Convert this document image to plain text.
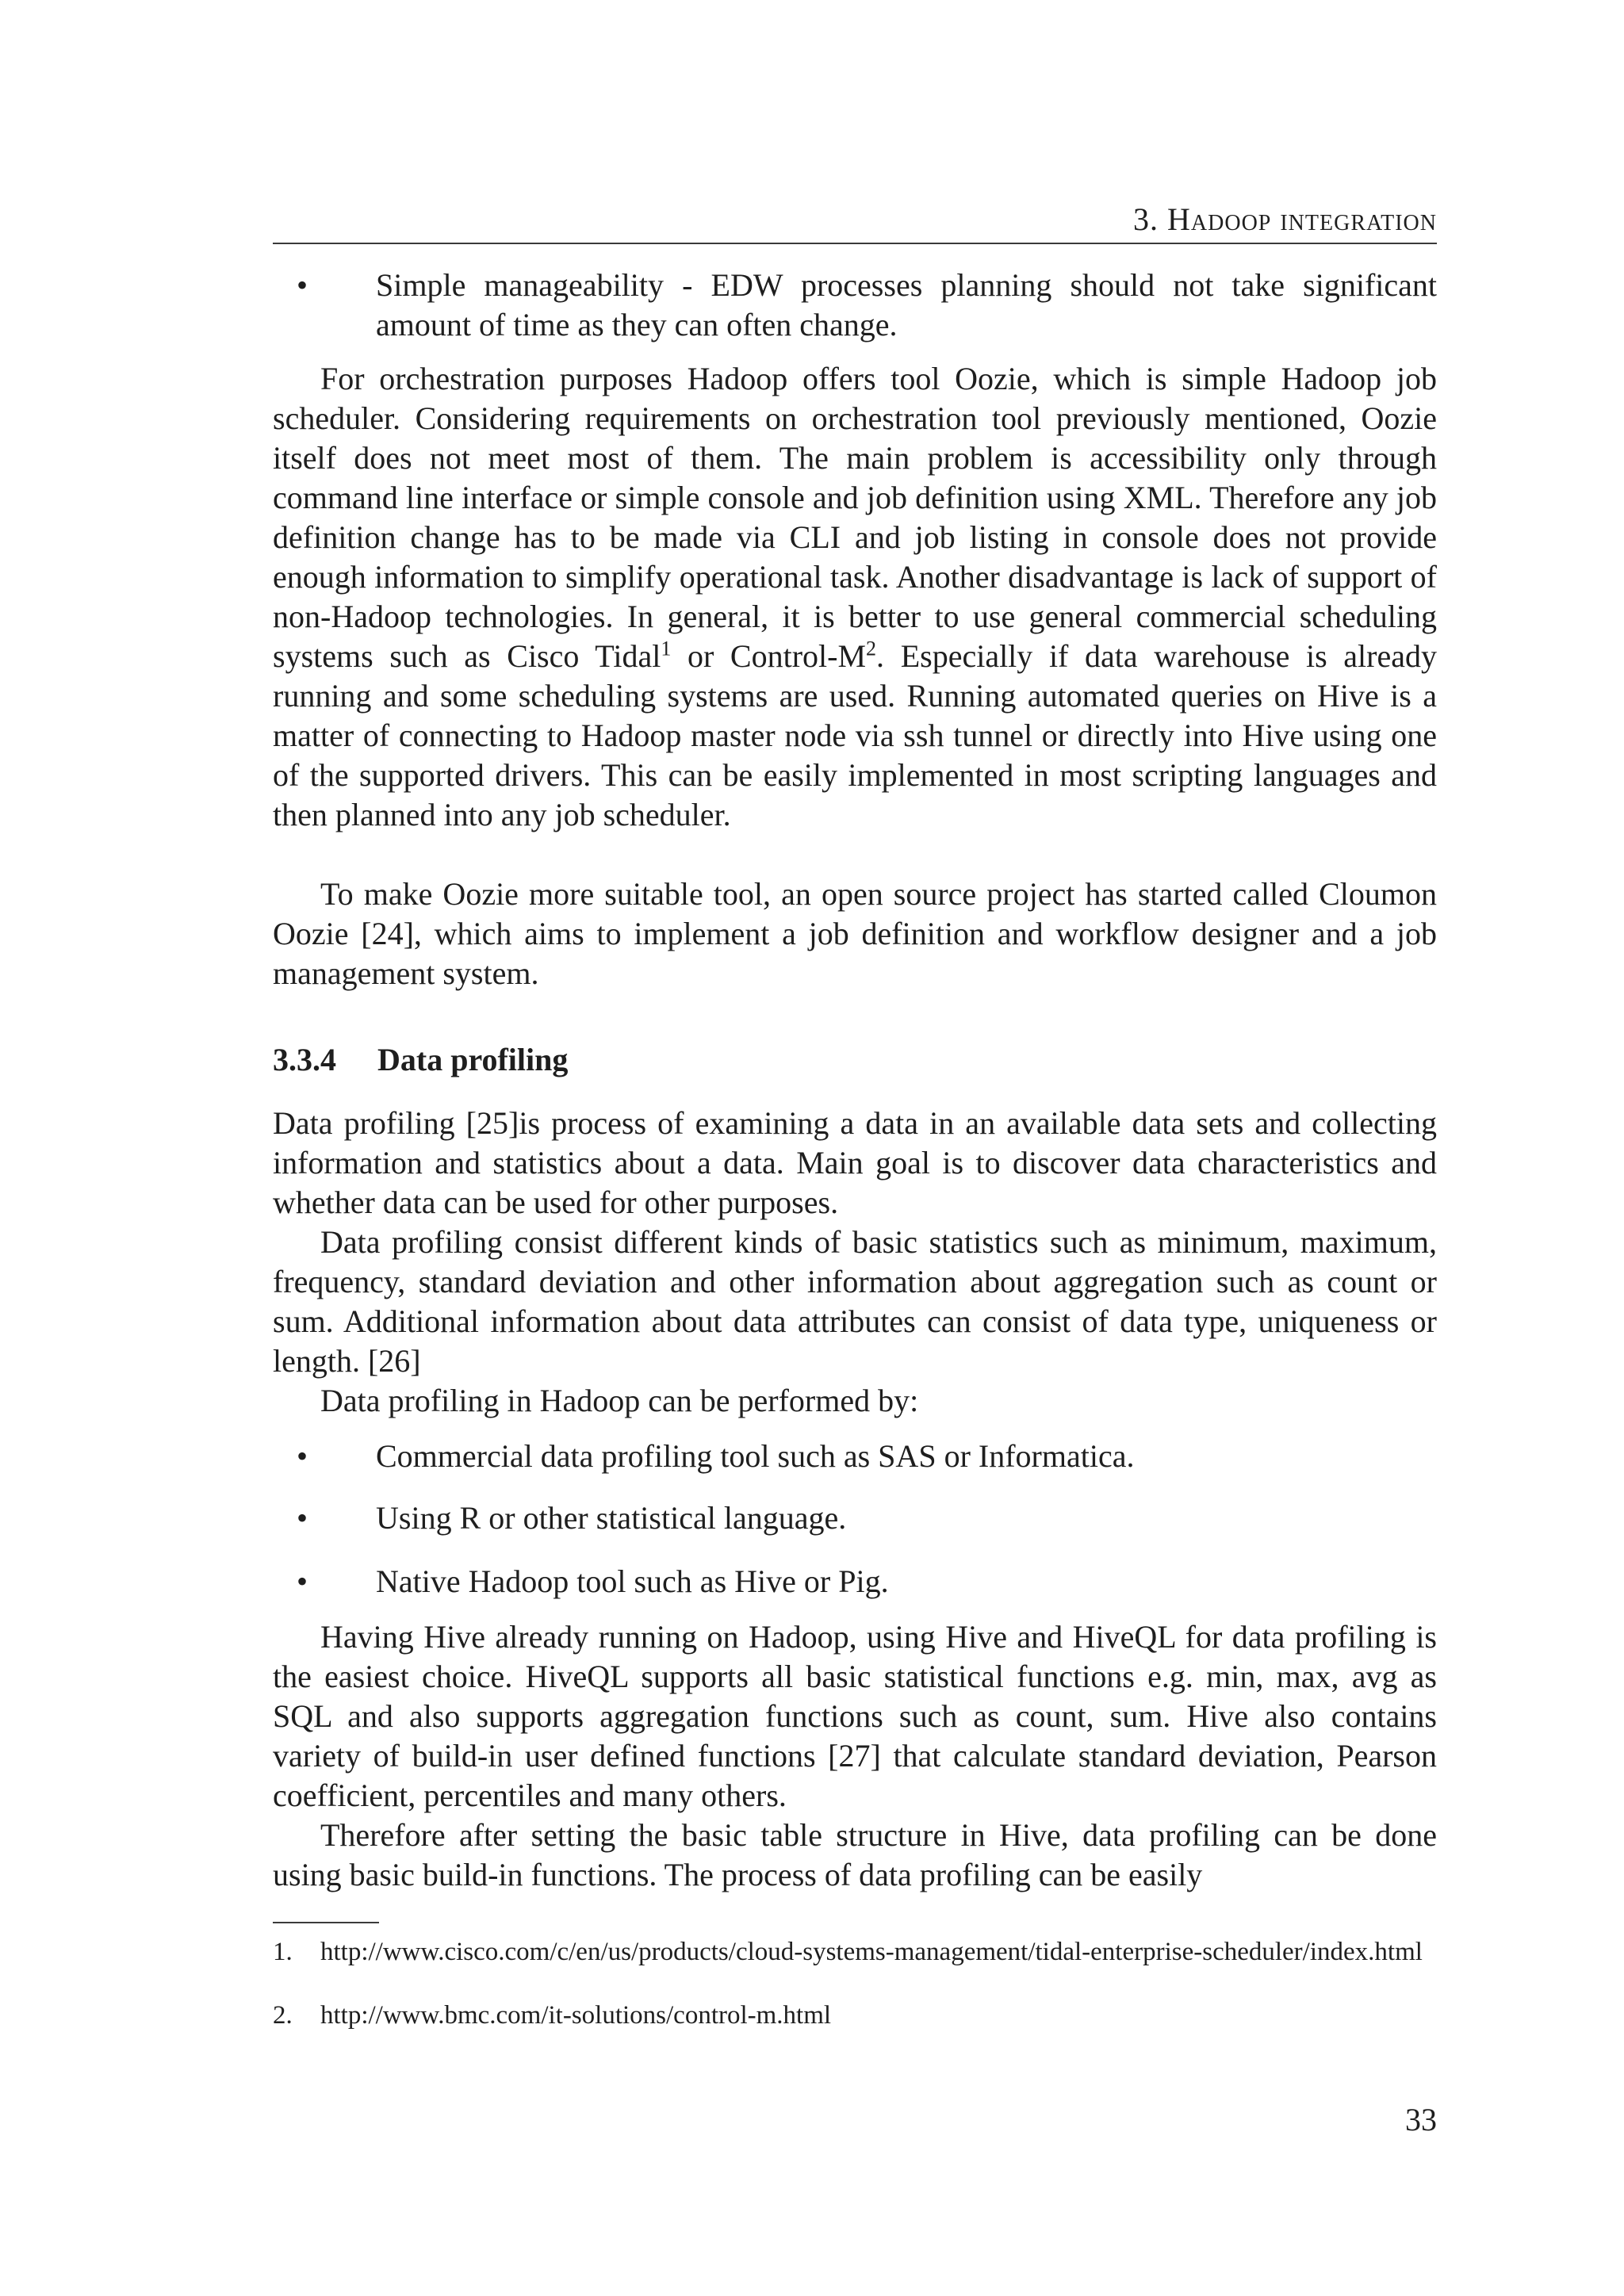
3. Hadoop integration
• Simple manageability - EDW processes planning should not take significant amount of time as they can often change.
For orchestration purposes Hadoop offers tool Oozie, which is simple Hadoop job scheduler. Considering requirements on orchestration tool previously mentioned, Oozie itself does not meet most of them. The main problem is accessibility only through command line interface or simple console and job definition using XML. Therefore any job definition change has to be made via CLI and job listing in console does not provide enough information to simplify operational task. Another disadvantage is lack of support of non-Hadoop technologies. In general, it is better to use general commercial scheduling systems such as Cisco Tidal$^1$ or Control-$M^2$. Especially if data warehouse is already running and some scheduling systems are used. Running automated queries on Hive is a matter of connecting to Hadoop master node via ssh tunnel or directly into Hive using one of the supported drivers. This can be easily implemented in most scripting languages and then planned into any job scheduler.
To make Oozie more suitable tool, an open source project has started called Cloumon Oozie [24], which aims to implement a job definition and workflow designer and a job management system.
3.3.4 Data profiling
Data profiling [25]is process of examining a data in an available data sets and collecting information and statistics about a data. Main goal is to discover data characteristics and whether data can be used for other purposes.
Data profiling consist different kinds of basic statistics such as minimum, maximum, frequency, standard deviation and other information about aggregation such as count or sum. Additional information about data attributes can consist of data type, uniqueness or length. [26]
Data profiling in Hadoop can be performed by:
• Commercial data profiling tool such as SAS or Informatica.
• Using R or other statistical language.
• Native Hadoop tool such as Hive or Pig.
Having Hive already running on Hadoop, using Hive and HiveQL for data profiling is the easiest choice. HiveQL supports all basic statistical functions e.g. min, max, avg as SQL and also supports aggregation functions such as count, sum. Hive also contains variety of build-in user defined functions [27] that calculate standard deviation, Pearson coefficient, percentiles and many others.
Therefore after setting the basic table structure in Hive, data profiling can be done using basic build-in functions. The process of data profiling can be easily
1. http://www.cisco.com/c/en/us/products/cloud-systems-management/tidal-enterprise-scheduler/index.html
2. http://www.bmc.com/it-solutions/control-m.html
33
